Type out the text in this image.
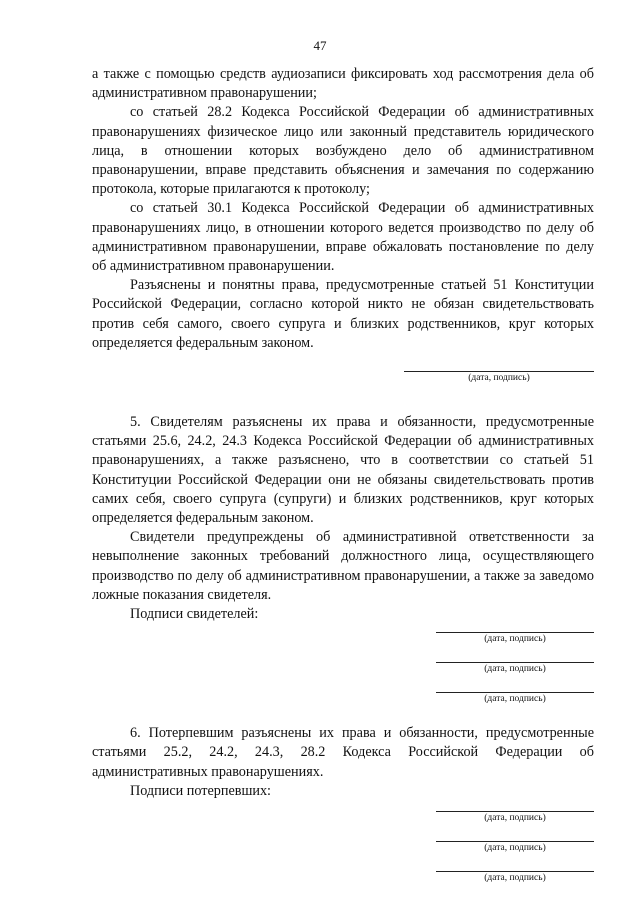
47

а также с помощью средств аудиозаписи фиксировать ход рассмотрения дела об административном правонарушении;

со статьей 28.2 Кодекса Российской Федерации об административных правонарушениях физическое лицо или законный представитель юридического лица, в отношении которых возбуждено дело об административном правонарушении, вправе представить объяснения и замечания по содержанию протокола, которые прилагаются к протоколу;

со статьей 30.1 Кодекса Российской Федерации об административных правонарушениях лицо, в отношении которого ведется производство по делу об административном правонарушении, вправе обжаловать постановление по делу об административном правонарушении.

Разъяснены и понятны права, предусмотренные статьей 51 Конституции Российской Федерации, согласно которой никто не обязан свидетельствовать против себя самого, своего супруга и близких родственников, круг которых определяется федеральным законом.

(дата, подпись)

5. Свидетелям разъяснены их права и обязанности, предусмотренные статьями 25.6, 24.2, 24.3 Кодекса Российской Федерации об административных правонарушениях, а также разъяснено, что в соответствии со статьей 51 Конституции Российской Федерации они не обязаны свидетельствовать против самих себя, своего супруга (супруги) и близких родственников, круг которых определяется федеральным законом.

Свидетели предупреждены об административной ответственности за невыполнение законных требований должностного лица, осуществляющего производство по делу об административном правонарушении, а также за заведомо ложные показания свидетеля.

Подписи свидетелей:

(дата, подпись)
(дата, подпись)
(дата, подпись)

6. Потерпевшим разъяснены их права и обязанности, предусмотренные статьями 25.2, 24.2, 24.3, 28.2 Кодекса Российской Федерации об административных правонарушениях.

Подписи потерпевших:

(дата, подпись)
(дата, подпись)
(дата, подпись)
